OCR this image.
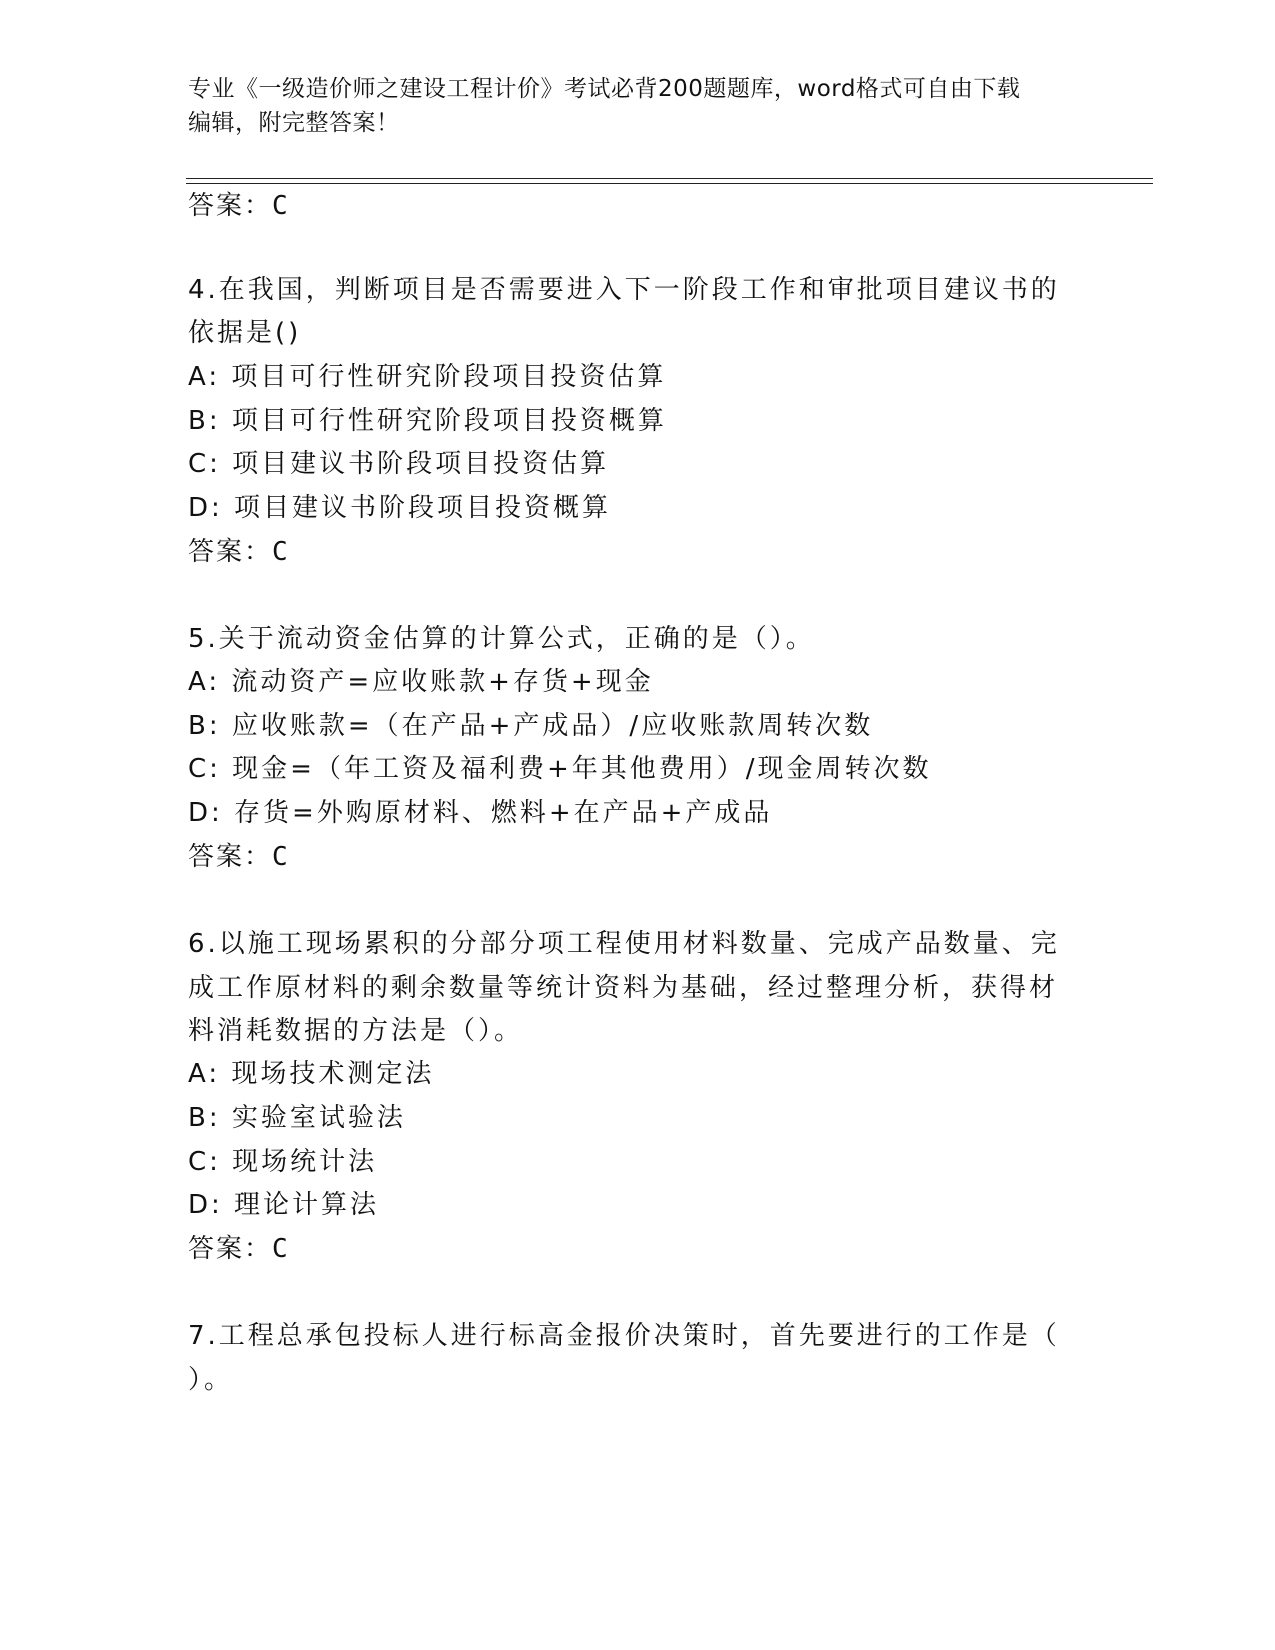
专业《一级造价师之建设工程计价》考试必背200题题库，word格式可自由下载
编辑，附完整答案！
答案：C
4.在我国，判断项目是否需要进入下一阶段工作和审批项目建议书的
依据是()
A: 项目可行性研究阶段项目投资估算
B: 项目可行性研究阶段项目投资概算
C: 项目建议书阶段项目投资估算
D: 项目建议书阶段项目投资概算
答案：C
5.关于流动资金估算的计算公式，正确的是（）。
A: 流动资产=应收账款+存货+现金
B: 应收账款=（在产品+产成品）/应收账款周转次数
C: 现金=（年工资及福利费+年其他费用）/现金周转次数
D: 存货=外购原材料、燃料+在产品+产成品
答案：C
6.以施工现场累积的分部分项工程使用材料数量、完成产品数量、完
成工作原材料的剩余数量等统计资料为基础，经过整理分析，获得材
料消耗数据的方法是（）。
A: 现场技术测定法
B: 实验室试验法
C: 现场统计法
D: 理论计算法
答案：C
7.工程总承包投标人进行标高金报价决策时，首先要进行的工作是（
）。
